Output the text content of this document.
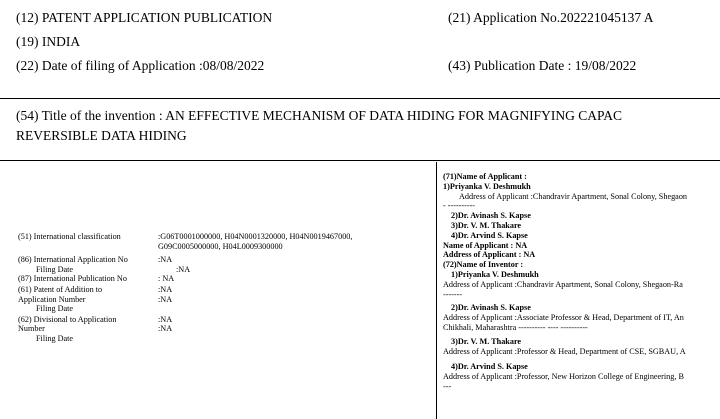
(12) PATENT APPLICATION PUBLICATION	(21) Application No.202221045137 A
(19) INDIA
(22) Date of filing of Application :08/08/2022	(43) Publication Date : 19/08/2022
(54) Title of the invention : AN EFFECTIVE MECHANISM OF DATA HIDING FOR MAGNIFYING CAPAC
REVERSIBLE DATA HIDING
(51) International classification	:G06T0001000000, H04N0001320000, H04N0019467000,
G09C0005000000, H04L0009300000
(86) International Application No	:NA
Filing Date	:NA
(87) International Publication No	: NA
(61) Patent of Addition to	:NA
Application Number	:NA
Filing Date
(62) Divisional to Application	:NA
Number	:NA
Filing Date
(71)Name of Applicant :
1)Priyanka V. Deshmukh
Address of Applicant :Chandravir Apartment, Sonal Colony, Shegaon
- ----------
2)Dr. Avinash S. Kapse
3)Dr. V. M. Thakare
4)Dr. Arvind S. Kapse
Name of Applicant : NA
Address of Applicant : NA
(72)Name of Inventor :
1)Priyanka V. Deshmukh
Address of Applicant :Chandravir Apartment, Sonal Colony, Shegaon-Ra
-------
2)Dr. Avinash S. Kapse
Address of Applicant :Associate Professor & Head, Department of IT, An
Chikhali, Maharashtra ---------- ---- ----------
3)Dr. V. M. Thakare
Address of Applicant :Professor & Head, Department of CSE, SGBAU, A
4)Dr. Arvind S. Kapse
Address of Applicant :Professor, New Horizon College of Engineering, B
---
